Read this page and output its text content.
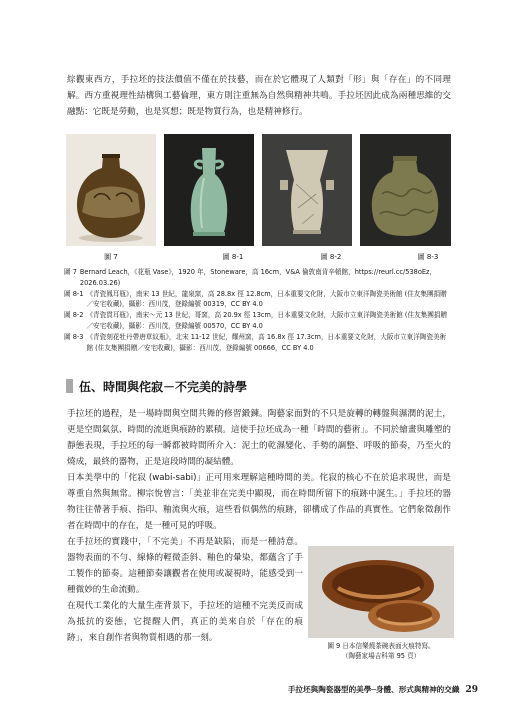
綜觀東西方，手拉坯的技法價值不僅在於技藝，而在於它體現了人類對「形」與「存在」的不同理解。西方重視理性結構與工藝倫理，東方則注重無為自然與精神共鳴。手拉坯因此成為兩種思維的交融點：它既是勞動，也是冥想；既是物質行為，也是精神修行。

圖 7	圖 8-1	圖 8-2	圖 8-3
圖 7 Bernard Leach，《花瓶 Vase》，1920 年，Stoneware，高 16cm，V&A 倫敦南肯辛頓館，https://reurl.cc/538oEz，2026.03.26)
圖 8-1 《青瓷鳳耳瓶》，南宋 13 世紀，龍泉窯，高 28.8x 徑 12.8cm，日本重要文化財，大阪市立東洋陶瓷美術館 (住友集團捐贈／安宅收藏)，攝影：西川茂，登錄編號 00319，CC BY 4.0
圖 8-2 《青瓷貫耳瓶》，南宋〜元 13 世紀，哥窯，高 20.9x 徑 13cm，日本重要文化財，大阪市立東洋陶瓷美術館 (住友集團捐贈／安宅收藏)，攝影：西川茂，登錄編號 00570，CC BY 4.0
圖 8-3 《青瓷刻花牡丹帶唐草紋瓶》，北宋 11-12 世紀，耀州窯，高 16.8x 徑 17.3cm，日本重要文化財，大阪市立東洋陶瓷美術館 (住友集團捐贈／安宅收藏)，攝影：西川茂，登錄編號 00666，CC BY 4.0
伍、時間與侘寂－不完美的詩學

手拉坯的過程，是一場時間與空間共舞的修習鍛鍊。陶藝家面對的不只是旋轉的轉盤與濕潤的泥土，更是空間氣氛、時間的流逝與痕跡的累積。這使手拉坯成為一種「時間的藝術」。不同於繪畫與雕塑的靜態表現，手拉坯的每一瞬都被時間所介入：泥土的乾濕變化、手勢的調整、呼吸的節奏，乃至火的燒成，最終的器物，正是這段時間的凝結體。

日本美學中的「侘寂 (wabi-sabi)」正可用來理解這種時間的美。侘寂的核心不在於追求現世，而是尊重自然與無常。柳宗悅曾言：「美並非在完美中顯現，而在時間所留下的痕跡中誕生。」手拉坯的器物往往帶著手痕、指印、釉流與火痕，這些看似偶然的痕跡，卻構成了作品的真實性。它們象徵創作者在時間中的存在，是一種可見的呼吸。

在手拉坯的實踐中，「不完美」不再是缺陷，而是一種詩意。器物表面的不勻、線條的輕微歪斜、釉色的暈染，都蘊含了手工製作的節奏。這種節奏讓觀者在使用或凝視時，能感受到一種微妙的生命流動。

在現代工業化的大量生產背景下，手拉坯的這種不完美反而成為抵抗的姿態，它提醒人們，真正的美來自於「存在的痕跡」，來自創作者與物質相遇的那一刻。

圖 9 日本信樂燒茶碗表面火痕特寫。
（陶藝家場吉科第 95 頁）
手拉坯與陶瓷器型的美學─身體、形式與精神的交織 29
